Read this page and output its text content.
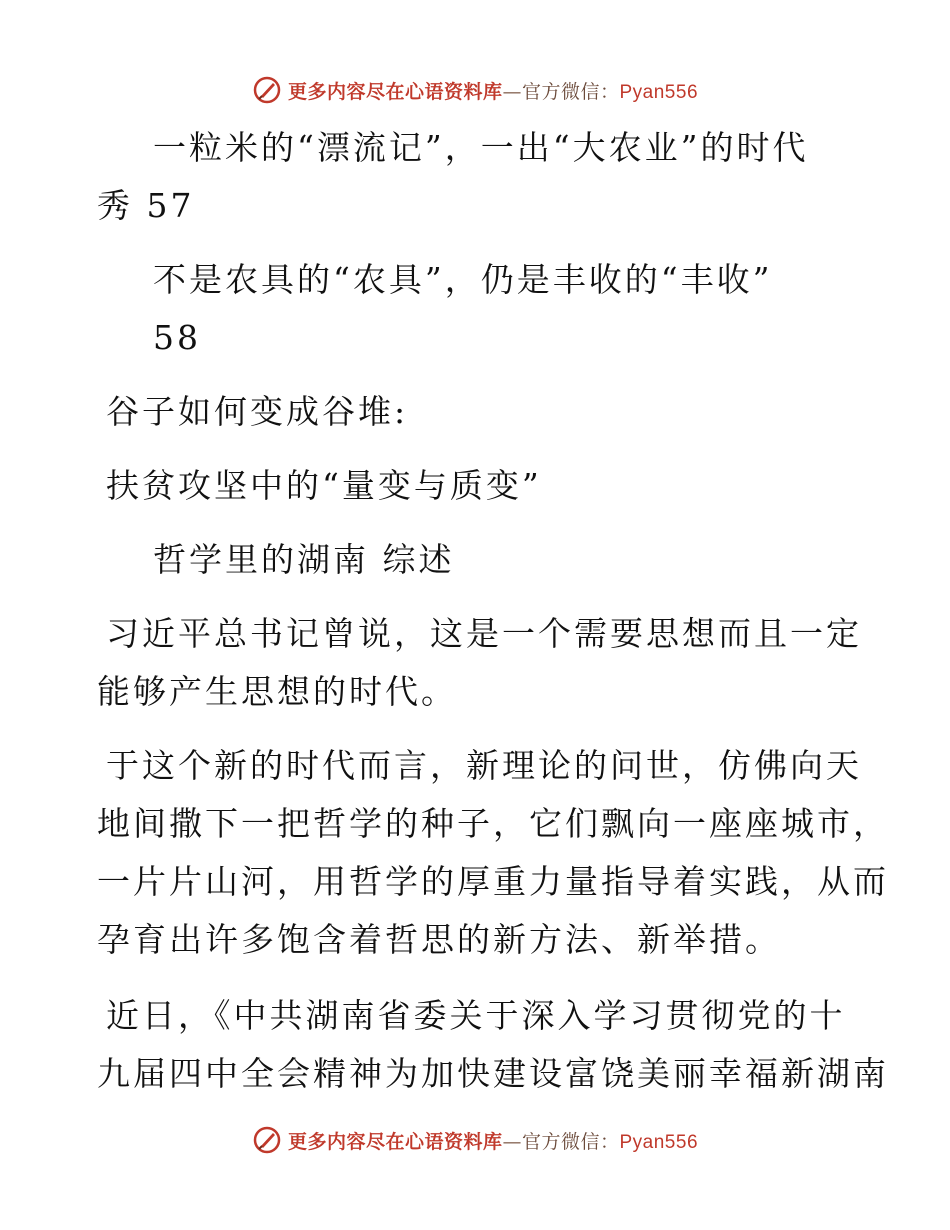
更多内容尽在心语资料库—官方微信：Pyan556
一粒米的“漂流记”，一出“大农业”的时代
秀 57
不是农具的“农具”，仍是丰收的“丰收”
58
谷子如何变成谷堆:
扶贫攻坚中的“量变与质变”
哲学里的湖南 综述
习近平总书记曾说，这是一个需要思想而且一定
能够产生思想的时代。
于这个新的时代而言，新理论的问世，仿佛向天
地间撒下一把哲学的种子，它们飘向一座座城市，
一片片山河，用哲学的厚重力量指导着实践，从而
孕育出许多饱含着哲思的新方法、新举措。
近日，《中共湖南省委关于深入学习贯彻党的十
九届四中全会精神为加快建设富饶美丽幸福新湖南
更多内容尽在心语资料库—官方微信：Pyan556
